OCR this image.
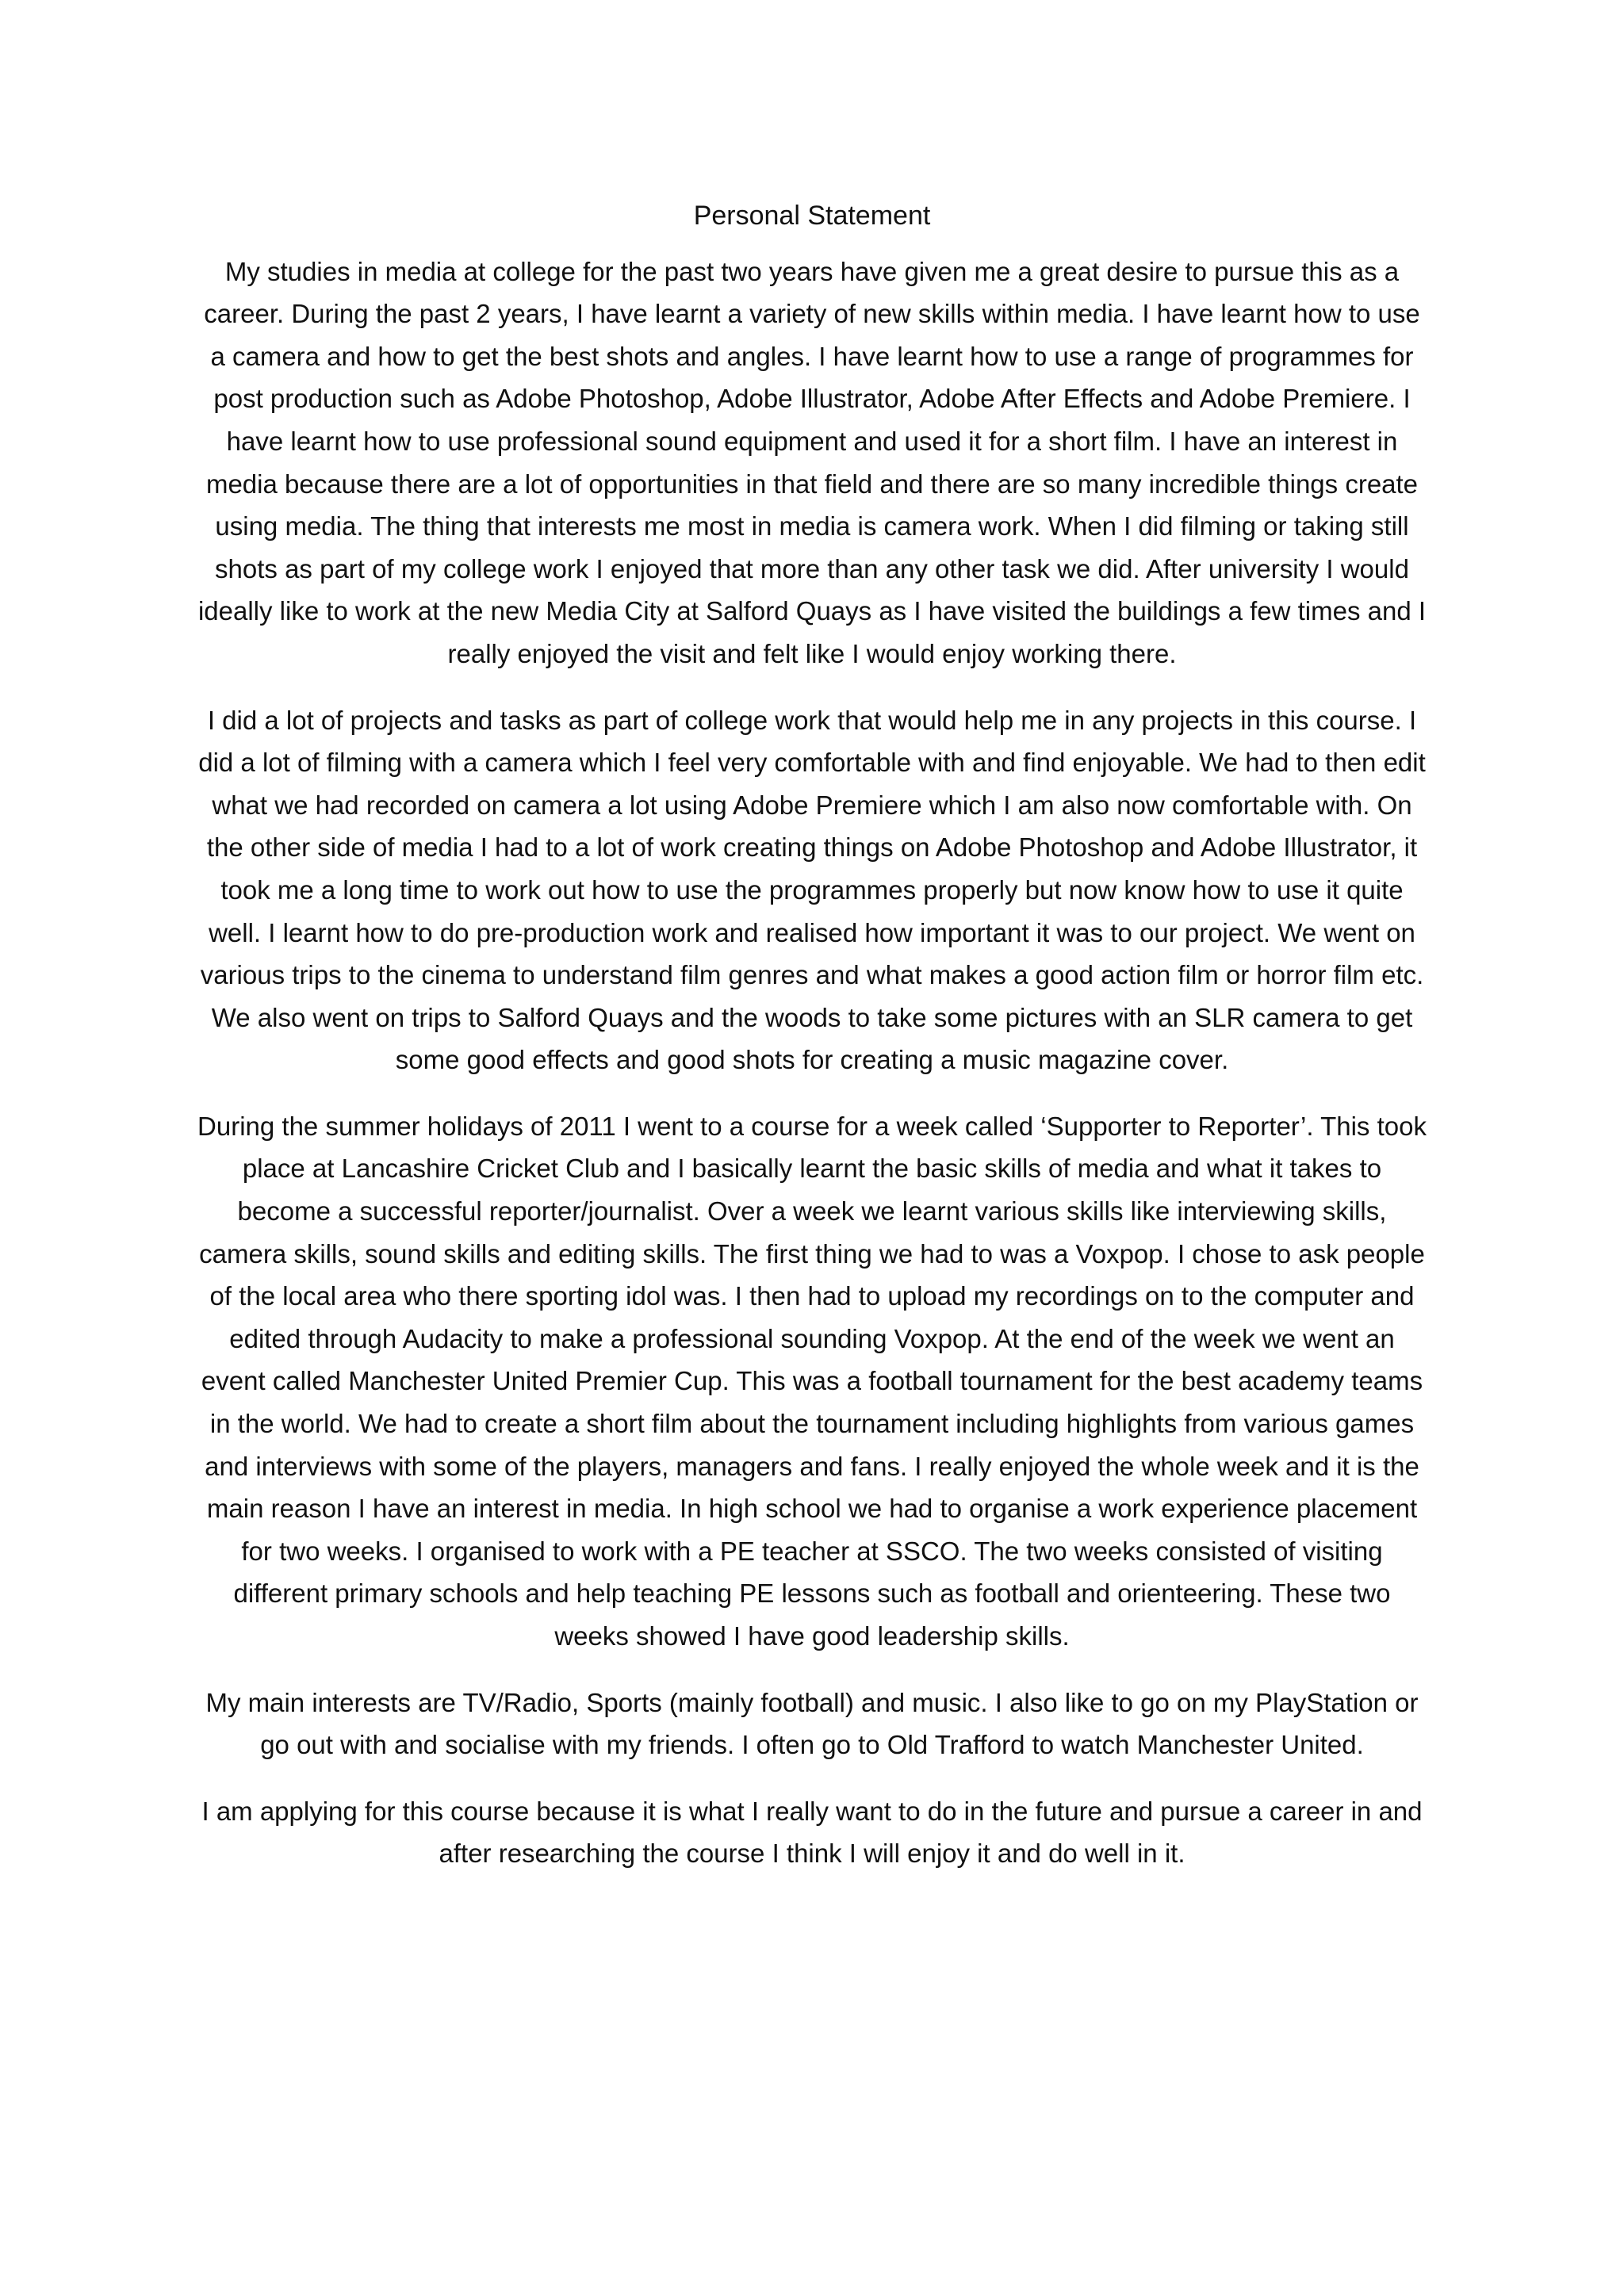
Personal Statement

My studies in media at college for the past two years have given me a great desire to pursue this as a career. During the past 2 years, I have learnt a variety of new skills within media. I have learnt how to use a camera and how to get the best shots and angles. I have learnt how to use a range of programmes for post production such as Adobe Photoshop, Adobe Illustrator, Adobe After Effects and Adobe Premiere. I have learnt how to use professional sound equipment and used it for a short film. I have an interest in media because there are a lot of opportunities in that field and there are so many incredible things create using media. The thing that interests me most in media is camera work. When I did filming or taking still shots as part of my college work I enjoyed that more than any other task we did. After university I would ideally like to work at the new Media City at Salford Quays as I have visited the buildings a few times and I really enjoyed the visit and felt like I would enjoy working there.

I did a lot of projects and tasks as part of college work that would help me in any projects in this course. I did a lot of filming with a camera which I feel very comfortable with and find enjoyable. We had to then edit what we had recorded on camera a lot using Adobe Premiere which I am also now comfortable with. On the other side of media I had to a lot of work creating things on Adobe Photoshop and Adobe Illustrator, it took me a long time to work out how to use the programmes properly but now know how to use it quite well. I learnt how to do pre-production work and realised how important it was to our project. We went on various trips to the cinema to understand film genres and what makes a good action film or horror film etc. We also went on trips to Salford Quays and the woods to take some pictures with an SLR camera to get some good effects and good shots for creating a music magazine cover.

During the summer holidays of 2011 I went to a course for a week called ‘Supporter to Reporter’. This took place at Lancashire Cricket Club and I basically learnt the basic skills of media and what it takes to become a successful reporter/journalist. Over a week we learnt various skills like interviewing skills, camera skills, sound skills and editing skills. The first thing we had to was a Voxpop. I chose to ask people of the local area who there sporting idol was. I then had to upload my recordings on to the computer and edited through Audacity to make a professional sounding Voxpop. At the end of the week we went an event called Manchester United Premier Cup. This was a football tournament for the best academy teams in the world. We had to create a short film about the tournament including highlights from various games and interviews with some of the players, managers and fans. I really enjoyed the whole week and it is the main reason I have an interest in media. In high school we had to organise a work experience placement for two weeks. I organised to work with a PE teacher at SSCO. The two weeks consisted of visiting different primary schools and help teaching PE lessons such as football and orienteering. These two weeks showed I have good leadership skills.

My main interests are TV/Radio, Sports (mainly football) and music. I also like to go on my PlayStation or go out with and socialise with my friends. I often go to Old Trafford to watch Manchester United.

I am applying for this course because it is what I really want to do in the future and pursue a career in and after researching the course I think I will enjoy it and do well in it.
